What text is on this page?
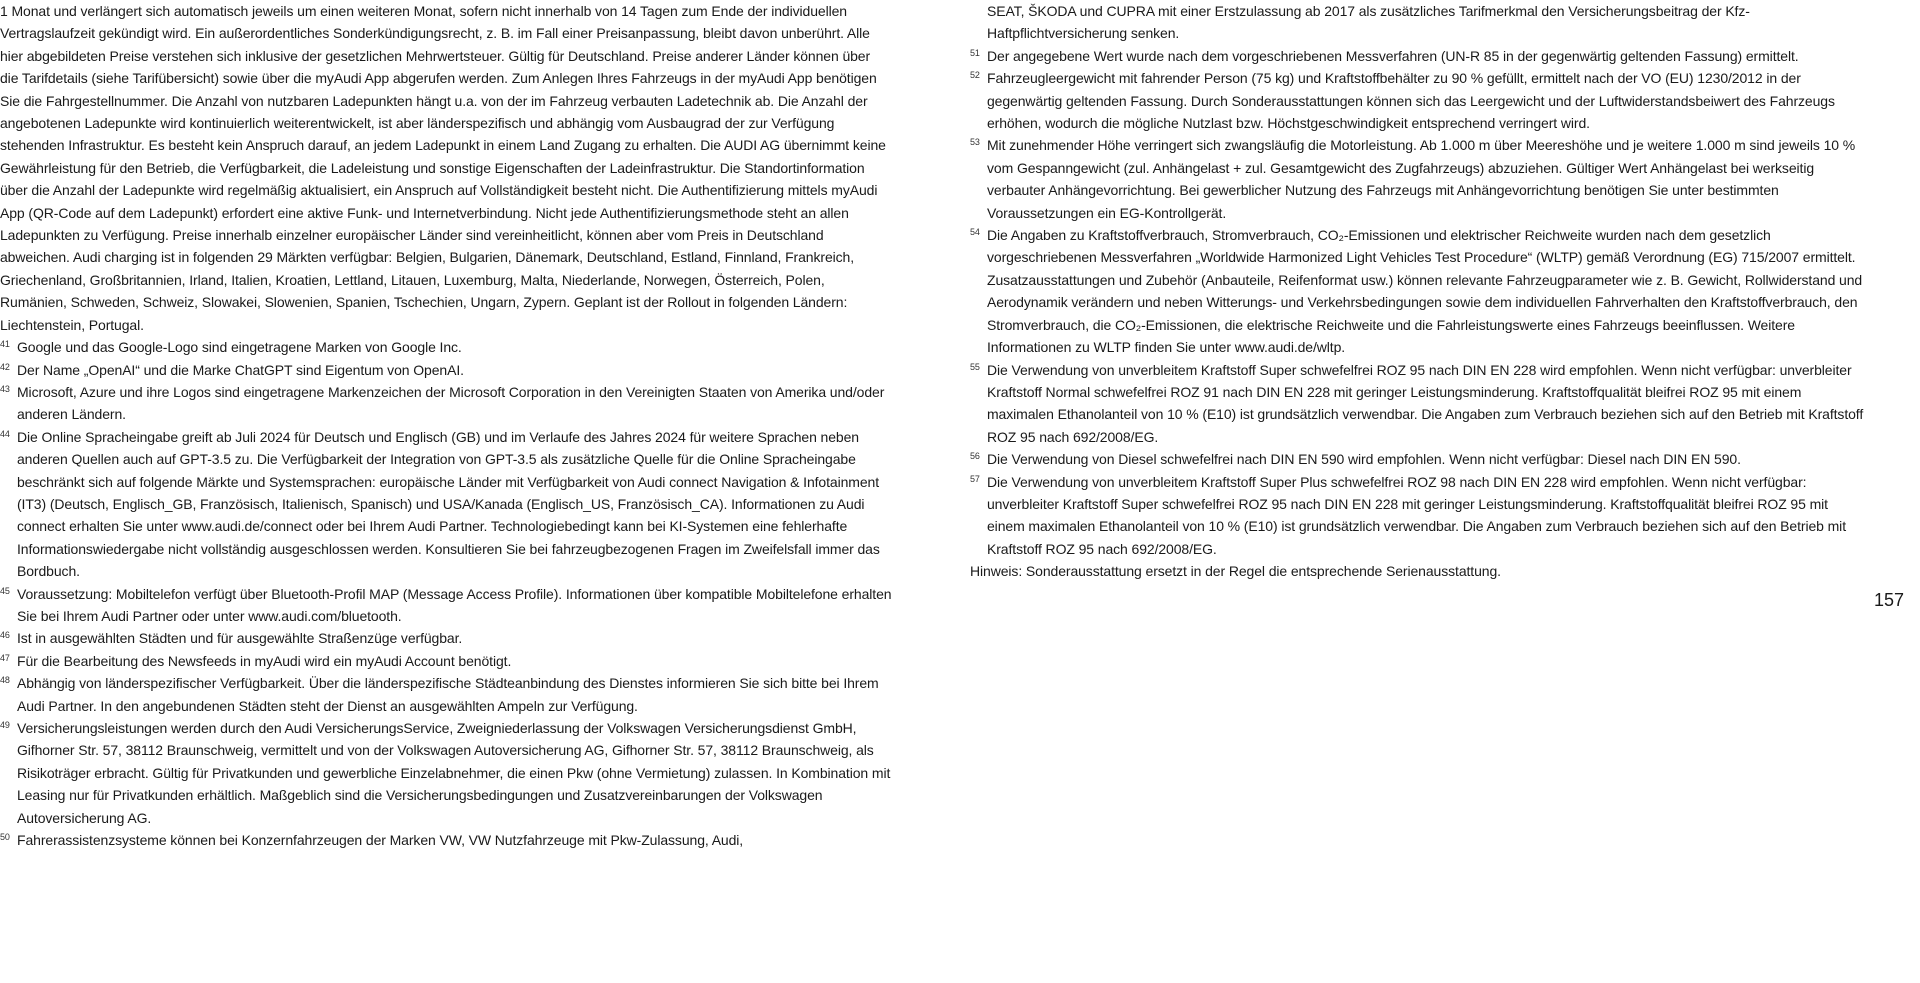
1 Monat und verlängert sich automatisch jeweils um einen weiteren Monat, sofern nicht innerhalb von 14 Tagen zum Ende der individuellen Vertragslaufzeit gekündigt wird. Ein außerordentliches Sonderkündigungsrecht, z. B. im Fall einer Preisanpassung, bleibt davon unberührt. Alle hier abgebildeten Preise verstehen sich inklusive der gesetzlichen Mehrwertsteuer. Gültig für Deutschland. Preise anderer Länder können über die Tarifdetails (siehe Tarifübersicht) sowie über die myAudi App abgerufen werden. Zum Anlegen Ihres Fahrzeugs in der myAudi App benötigen Sie die Fahrgestellnummer. Die Anzahl von nutzbaren Ladepunkten hängt u.a. von der im Fahrzeug verbauten Ladetechnik ab. Die Anzahl der angebotenen Ladepunkte wird kontinuierlich weiterentwickelt, ist aber länderspezifisch und abhängig vom Ausbaugrad der zur Verfügung stehenden Infrastruktur. Es besteht kein Anspruch darauf, an jedem Ladepunkt in einem Land Zugang zu erhalten. Die AUDI AG übernimmt keine Gewährleistung für den Betrieb, die Verfügbarkeit, die Ladeleistung und sonstige Eigenschaften der Ladeinfrastruktur. Die Standortinformation über die Anzahl der Ladepunkte wird regelmäßig aktualisiert, ein Anspruch auf Vollständigkeit besteht nicht. Die Authentifizierung mittels myAudi App (QR-Code auf dem Ladepunkt) erfordert eine aktive Funk- und Internetverbindung. Nicht jede Authentifizierungsmethode steht an allen Ladepunkten zu Verfügung. Preise innerhalb einzelner europäischer Länder sind vereinheitlicht, können aber vom Preis in Deutschland abweichen. Audi charging ist in folgenden 29 Märkten verfügbar: Belgien, Bulgarien, Dänemark, Deutschland, Estland, Finnland, Frankreich, Griechenland, Großbritannien, Irland, Italien, Kroatien, Lettland, Litauen, Luxemburg, Malta, Niederlande, Norwegen, Österreich, Polen, Rumänien, Schweden, Schweiz, Slowakei, Slowenien, Spanien, Tschechien, Ungarn, Zypern. Geplant ist der Rollout in folgenden Ländern: Liechtenstein, Portugal.

41 Google und das Google-Logo sind eingetragene Marken von Google Inc.
42 Der Name „OpenAI“ und die Marke ChatGPT sind Eigentum von OpenAI.
43 Microsoft, Azure und ihre Logos sind eingetragene Markenzeichen der Microsoft Corporation in den Vereinigten Staaten von Amerika und/oder anderen Ländern.
44 Die Online Spracheingabe greift ab Juli 2024 für Deutsch und Englisch (GB) und im Verlaufe des Jahres 2024 für weitere Sprachen neben anderen Quellen auch auf GPT-3.5 zu. Die Verfügbarkeit der Integration von GPT-3.5 als zusätzliche Quelle für die Online Spracheingabe beschränkt sich auf folgende Märkte und Systemsprachen: europäische Länder mit Verfügbarkeit von Audi connect Navigation & Infotainment (IT3) (Deutsch, Englisch_GB, Französisch, Italienisch, Spanisch) und USA/Kanada (Englisch_US, Französisch_CA). Informationen zu Audi connect erhalten Sie unter www.audi.de/connect oder bei Ihrem Audi Partner. Technologiebedingt kann bei KI-Systemen eine fehlerhafte Informationswiedergabe nicht vollständig ausgeschlossen werden. Konsultieren Sie bei fahrzeugbezogenen Fragen im Zweifelsfall immer das Bordbuch.
45 Voraussetzung: Mobiltelefon verfügt über Bluetooth-Profil MAP (Message Access Profile). Informationen über kompatible Mobiltelefone erhalten Sie bei Ihrem Audi Partner oder unter www.audi.com/bluetooth.
46 Ist in ausgewählten Städten und für ausgewählte Straßenzüge verfügbar.
47 Für die Bearbeitung des Newsfeeds in myAudi wird ein myAudi Account benötigt.
48 Abhängig von länderspezifischer Verfügbarkeit. Über die länderspezifische Städteanbindung des Dienstes informieren Sie sich bitte bei Ihrem Audi Partner. In den angebundenen Städten steht der Dienst an ausgewählten Ampeln zur Verfügung.
49 Versicherungsleistungen werden durch den Audi VersicherungsService, Zweigniederlassung der Volkswagen Versicherungsdienst GmbH, Gifhorner Str. 57, 38112 Braunschweig, vermittelt und von der Volkswagen Autoversicherung AG, Gifhorner Str. 57, 38112 Braunschweig, als Risikoträger erbracht. Gültig für Privatkunden und gewerbliche Einzelabnehmer, die einen Pkw (ohne Vermietung) zulassen. In Kombination mit Leasing nur für Privatkunden erhältlich. Maßgeblich sind die Versicherungsbedingungen und Zusatzvereinbarungen der Volkswagen Autoversicherung AG.
50 Fahrerassistenzsysteme können bei Konzernfahrzeugen der Marken VW, VW Nutzfahrzeuge mit Pkw-Zulassung, Audi,
SEAT, ŠKODA und CUPRA mit einer Erstzulassung ab 2017 als zusätzliches Tarifmerkmal den Versicherungsbeitrag der Kfz-Haftpflichtversicherung senken.
51 Der angegebene Wert wurde nach dem vorgeschriebenen Messverfahren (UN-R 85 in der gegenwärtig geltenden Fassung) ermittelt.
52 Fahrzeugleergewicht mit fahrender Person (75 kg) und Kraftstoffbehälter zu 90 % gefüllt, ermittelt nach der VO (EU) 1230/2012 in der gegenwärtig geltenden Fassung. Durch Sonderausstattungen können sich das Leergewicht und der Luftwiderstandsbeiwert des Fahrzeugs erhöhen, wodurch die mögliche Nutzlast bzw. Höchstgeschwindigkeit entsprechend verringert wird.
53 Mit zunehmender Höhe verringert sich zwangsläufig die Motorleistung. Ab 1.000 m über Meereshöhe und je weitere 1.000 m sind jeweils 10 % vom Gespanngewicht (zul. Anhängelast + zul. Gesamtgewicht des Zugfahrzeugs) abzuziehen. Gültiger Wert Anhängelast bei werkseitig verbauter Anhängevorrichtung. Bei gewerblicher Nutzung des Fahrzeugs mit Anhängevorrichtung benötigen Sie unter bestimmten Voraussetzungen ein EG-Kontrollgerät.
54 Die Angaben zu Kraftstoffverbrauch, Stromverbrauch, CO₂-Emissionen und elektrischer Reichweite wurden nach dem gesetzlich vorgeschriebenen Messverfahren „Worldwide Harmonized Light Vehicles Test Procedure“ (WLTP) gemäß Verordnung (EG) 715/2007 ermittelt. Zusatzausstattungen und Zubehör (Anbauteile, Reifenformat usw.) können relevante Fahrzeugparameter wie z. B. Gewicht, Rollwiderstand und Aerodynamik verändern und neben Witterungs- und Verkehrsbedingungen sowie dem individuellen Fahrverhalten den Kraftstoffverbrauch, den Stromverbrauch, die CO₂-Emissionen, die elektrische Reichweite und die Fahrleistungswerte eines Fahrzeugs beeinflussen. Weitere Informationen zu WLTP finden Sie unter www.audi.de/wltp.
55 Die Verwendung von unverbleitem Kraftstoff Super schwefelfrei ROZ 95 nach DIN EN 228 wird empfohlen. Wenn nicht verfügbar: unverbleiter Kraftstoff Normal schwefelfrei ROZ 91 nach DIN EN 228 mit geringer Leistungsminderung. Kraftstoffqualität bleifrei ROZ 95 mit einem maximalen Ethanolanteil von 10 % (E10) ist grundsätzlich verwendbar. Die Angaben zum Verbrauch beziehen sich auf den Betrieb mit Kraftstoff ROZ 95 nach 692/2008/EG.
56 Die Verwendung von Diesel schwefelfrei nach DIN EN 590 wird empfohlen. Wenn nicht verfügbar: Diesel nach DIN EN 590.
57 Die Verwendung von unverbleitem Kraftstoff Super Plus schwefelfrei ROZ 98 nach DIN EN 228 wird empfohlen. Wenn nicht verfügbar: unverbleiter Kraftstoff Super schwefelfrei ROZ 95 nach DIN EN 228 mit geringer Leistungsminderung. Kraftstoffqualität bleifrei ROZ 95 mit einem maximalen Ethanolanteil von 10 % (E10) ist grundsätzlich verwendbar. Die Angaben zum Verbrauch beziehen sich auf den Betrieb mit Kraftstoff ROZ 95 nach 692/2008/EG.

Hinweis: Sonderausstattung ersetzt in der Regel die entsprechende Serienausstattung.

157
